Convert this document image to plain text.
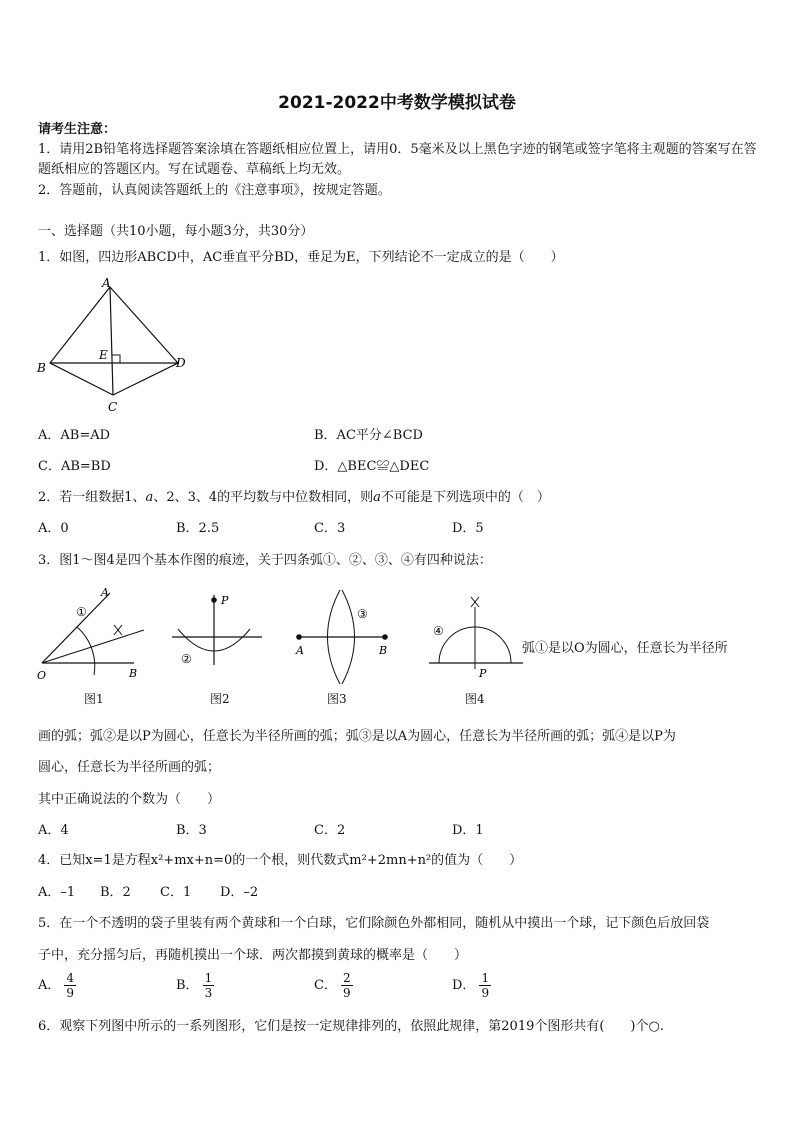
2021-2022中考数学模拟试卷
请考生注意：
1．请用2B铅笔将选择题答案涂填在答题纸相应位置上，请用0．5毫米及以上黑色字迹的钢笔或签字笔将主观题的答案写在答题纸相应的答题区内。写在试题卷、草稿纸上均无效。
2．答题前，认真阅读答题纸上的《注意事项》，按规定答题。
一、选择题（共10小题，每小题3分，共30分）
1．如图，四边形ABCD中，AC垂直平分BD，垂足为E，下列结论不一定成立的是（　　）
A
B
C
D
E
A．AB=AD	B．AC平分∠BCD
C．AB=BD	D．△BEC≌△DEC
2．若一组数据1、a、2、3、4的平均数与中位数相同，则a不可能是下列选项中的（　）
A．0	B．2.5	C．3	D．5
3．图1～图4是四个基本作图的痕迹，关于四条弧①、②、③、④有四种说法：
A
O	B
①
图1
P
②
图2
A	B
③
图3
P
④
图4
弧①是以O为圆心，任意长为半径所
画的弧；弧②是以P为圆心，任意长为半径所画的弧；弧③是以A为圆心，任意长为半径所画的弧；弧④是以P为
圆心，任意长为半径所画的弧；
其中正确说法的个数为（　　）
A．4	B．3	C．2	D．1
4．已知x=1是方程x²+mx+n=0的一个根，则代数式m²+2mn+n²的值为（　　）
A．–1 B．2 C．1 D．–2
5．在一个不透明的袋子里装有两个黄球和一个白球，它们除颜色外都相同，随机从中摸出一个球，记下颜色后放回袋
子中，充分摇匀后，再随机摸出一个球．两次都摸到黄球的概率是（　　）
A． $\frac{4}{9}$	B． $\frac{1}{3}$	C． $\frac{2}{9}$	D． $\frac{1}{9}$
6．观察下列图中所示的一系列图形，它们是按一定规律排列的，依照此规律，第2019个图形共有(　　)个○.
